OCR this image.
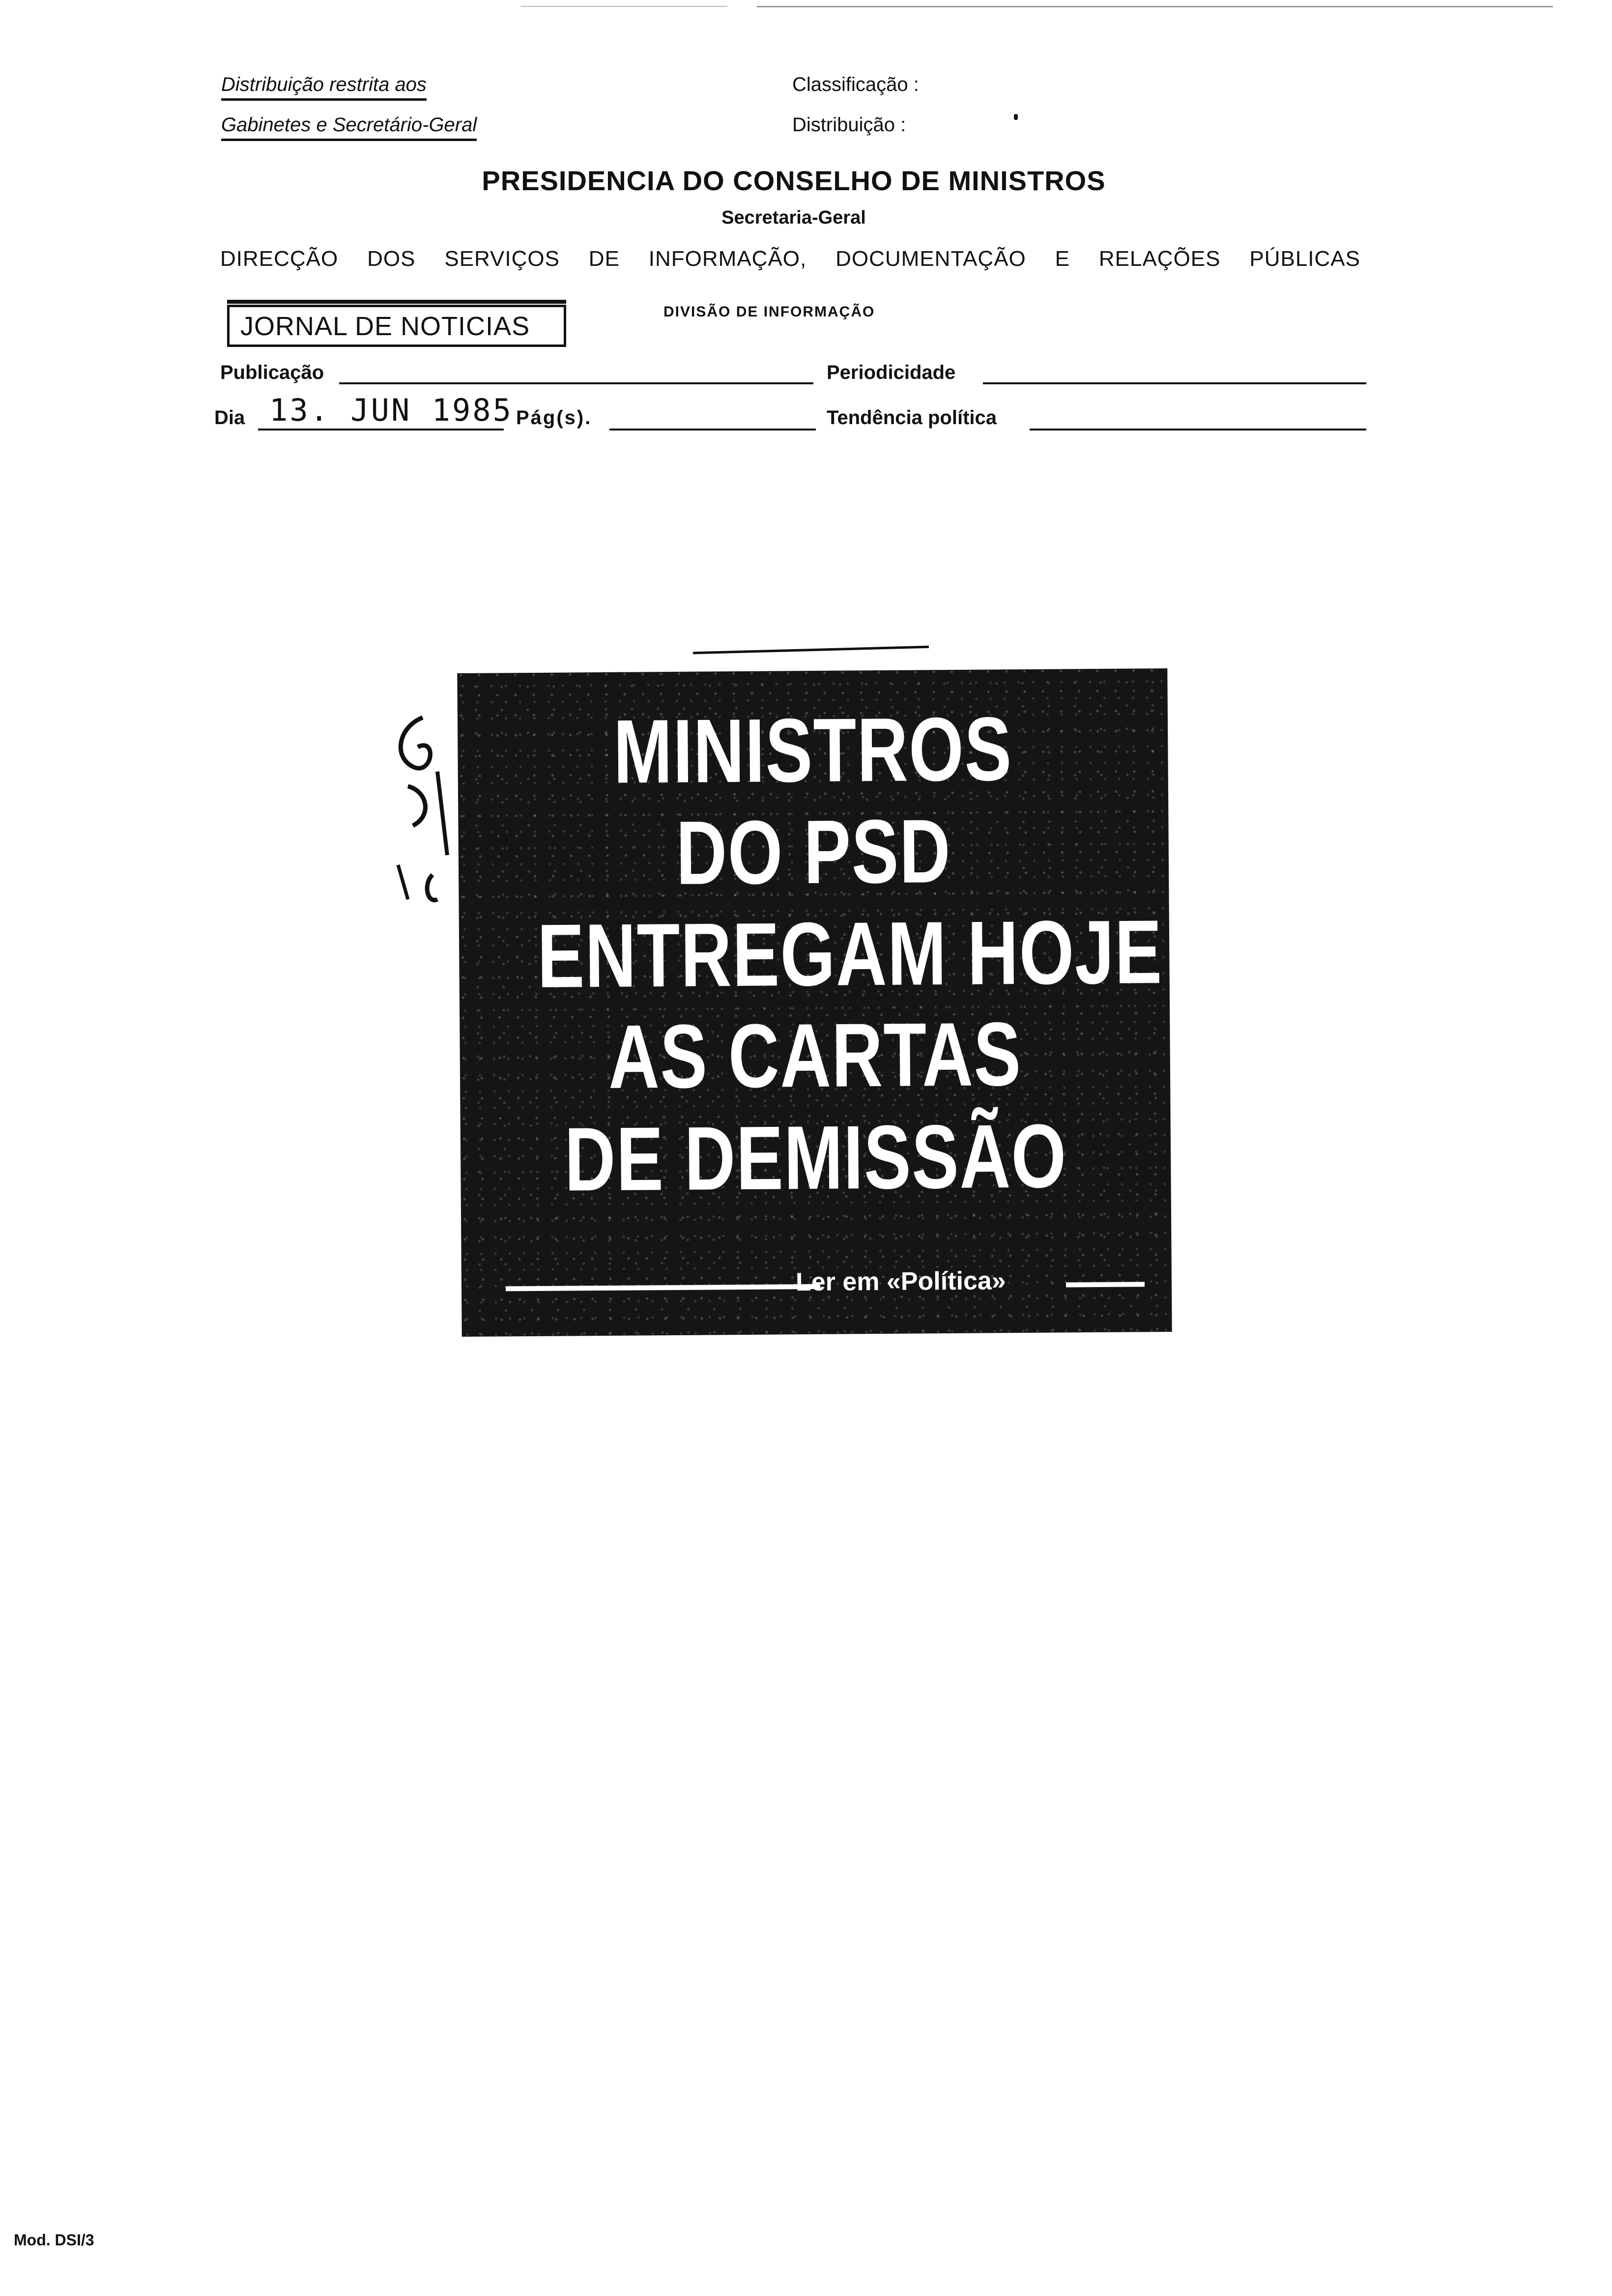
Distribuição restrita aos
Gabinetes e Secretário-Geral
Classificação :
Distribuição :
PRESIDENCIA DO CONSELHO DE MINISTROS
Secretaria-Geral
DIRECÇÃO DOS SERVIÇOS DE INFORMAÇÃO, DOCUMENTAÇÃO E RELAÇÕES PÚBLICAS
JORNAL DE NOTICIAS	DIVISÃO DE INFORMAÇÃO
Publicação	Periodicidade
Dia 13. JUN 1985 Pág(s).	Tendência política
MINISTROS
DO PSD
ENTREGAM HOJE
AS CARTAS
DE DEMISSÃO
Ler em «Política»
Mod. DSI/3
